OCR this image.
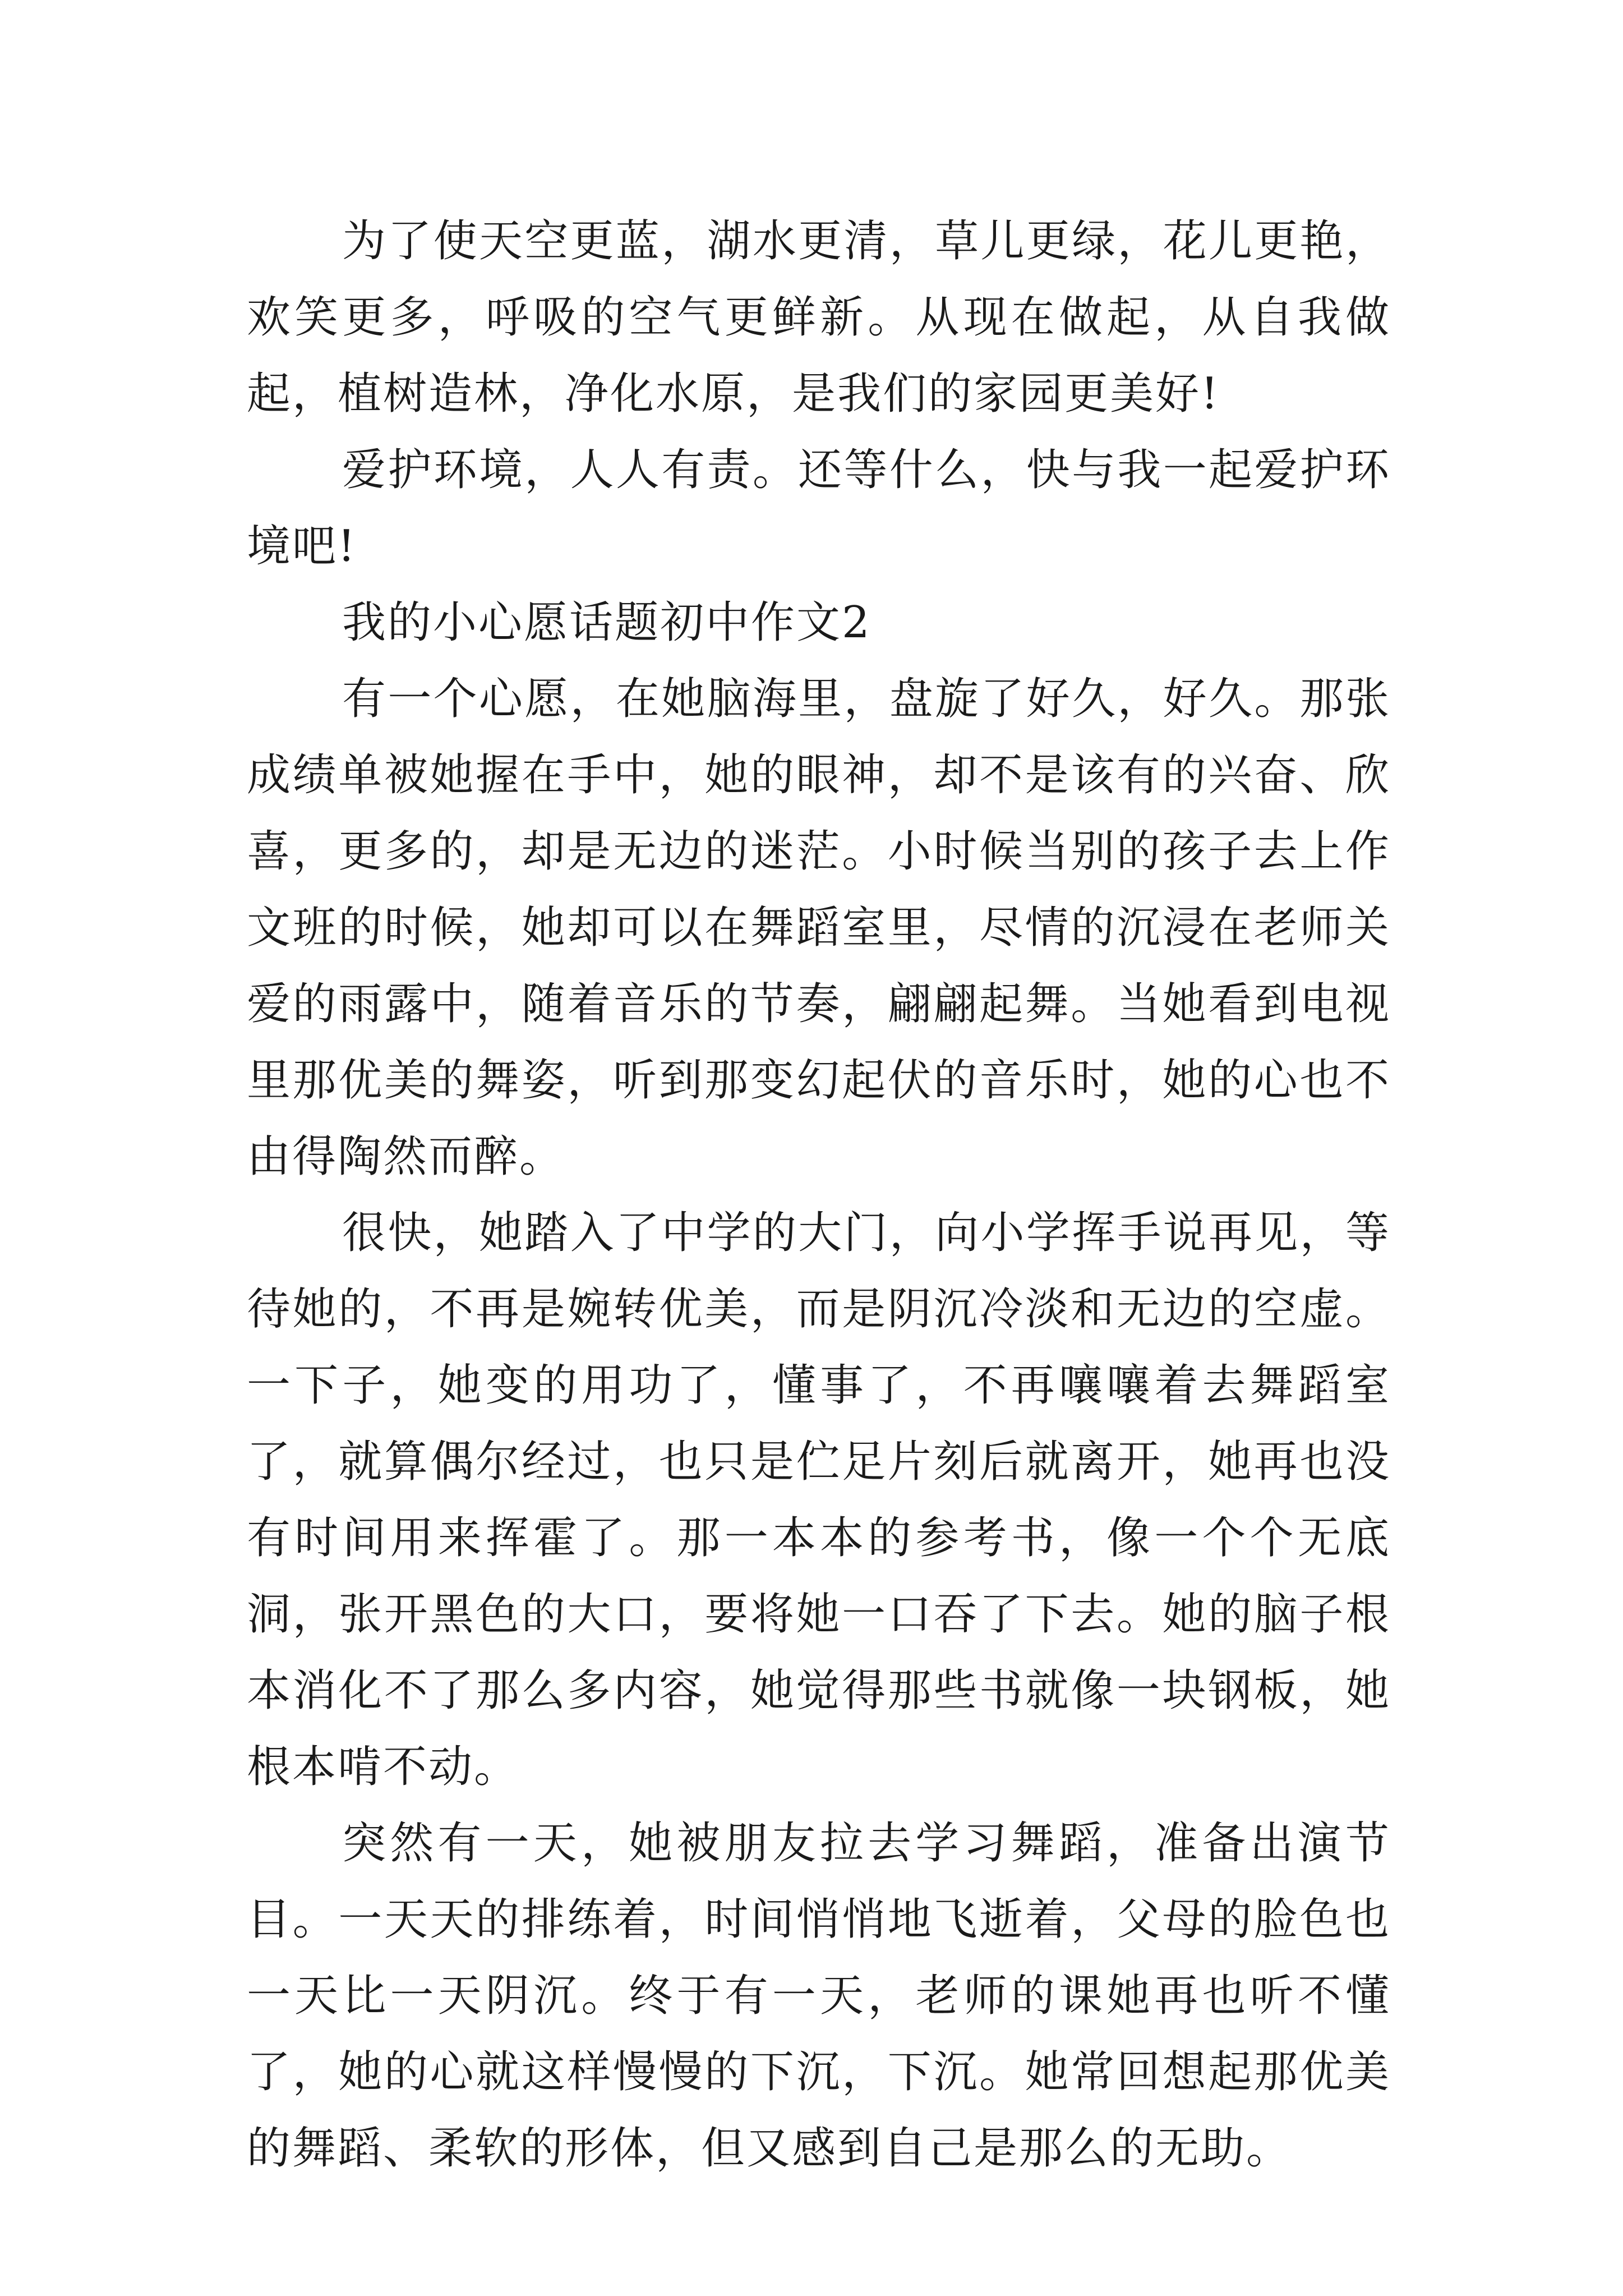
为了使天空更蓝，湖水更清，草儿更绿，花儿更艳，欢笑更多，呼吸的空气更鲜新。从现在做起，从自我做起，植树造林，净化水原，是我们的家园更美好!

爱护环境，人人有责。还等什么，快与我一起爱护环境吧!

我的小心愿话题初中作文2

有一个心愿，在她脑海里，盘旋了好久，好久。那张成绩单被她握在手中，她的眼神，却不是该有的兴奋、欣喜，更多的，却是无边的迷茫。小时候当别的孩子去上作文班的时候，她却可以在舞蹈室里，尽情的沉浸在老师关爱的雨露中，随着音乐的节奏，翩翩起舞。当她看到电视里那优美的舞姿，听到那变幻起伏的音乐时，她的心也不由得陶然而醉。

很快，她踏入了中学的大门，向小学挥手说再见，等待她的，不再是婉转优美，而是阴沉冷淡和无边的空虚。一下子，她变的用功了，懂事了，不再嚷嚷着去舞蹈室了，就算偶尔经过，也只是伫足片刻后就离开，她再也没有时间用来挥霍了。那一本本的参考书，像一个个无底洞，张开黑色的大口，要将她一口吞了下去。她的脑子根本消化不了那么多内容，她觉得那些书就像一块钢板，她根本啃不动。

突然有一天，她被朋友拉去学习舞蹈，准备出演节目。一天天的排练着，时间悄悄地飞逝着，父母的脸色也一天比一天阴沉。终于有一天，老师的课她再也听不懂了，她的心就这样慢慢的下沉，下沉。她常回想起那优美的舞蹈、柔软的形体，但又感到自己是那么的无助。
